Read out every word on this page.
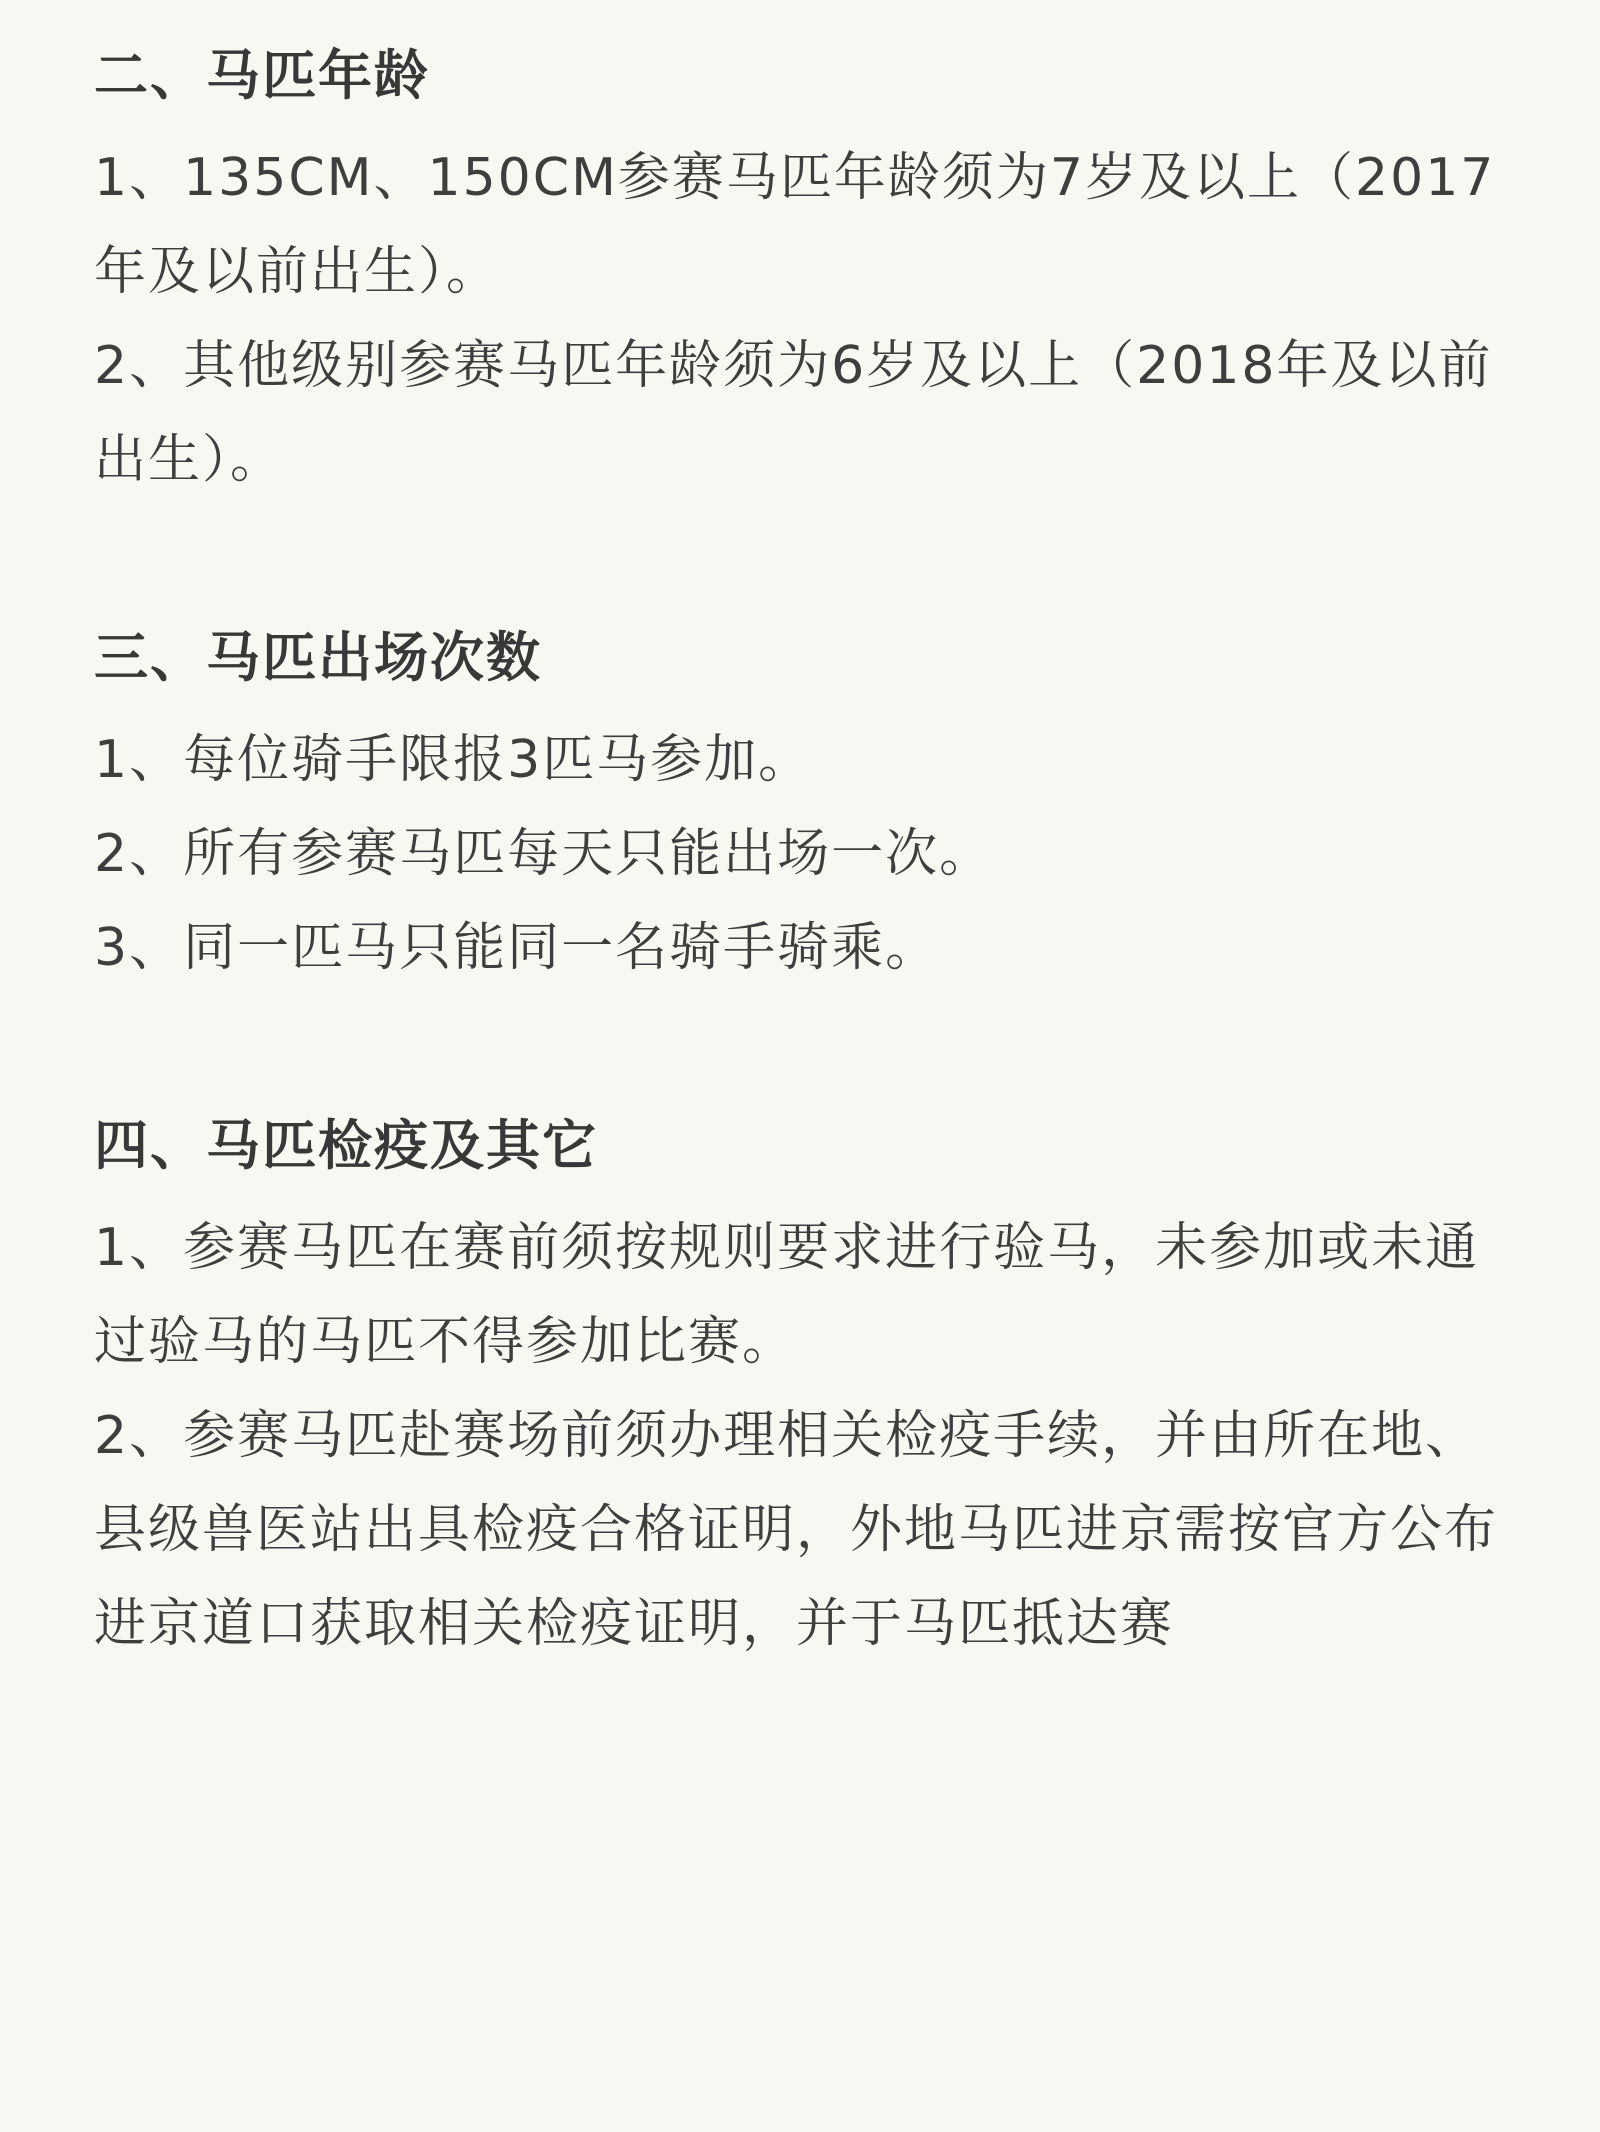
二、马匹年龄

1、135CM、150CM参赛马匹年龄须为7岁及以上（2017年及以前出生）。

2、其他级别参赛马匹年龄须为6岁及以上（2018年及以前出生）。

三、马匹出场次数

1、每位骑手限报3匹马参加。

2、所有参赛马匹每天只能出场一次。

3、同一匹马只能同一名骑手骑乘。

四、马匹检疫及其它

1、参赛马匹在赛前须按规则要求进行验马，未参加或未通过验马的马匹不得参加比赛。

2、参赛马匹赴赛场前须办理相关检疫手续，并由所在地、县级兽医站出具检疫合格证明，外地马匹进京需按官方公布进京道口获取相关检疫证明，并于马匹抵达赛
